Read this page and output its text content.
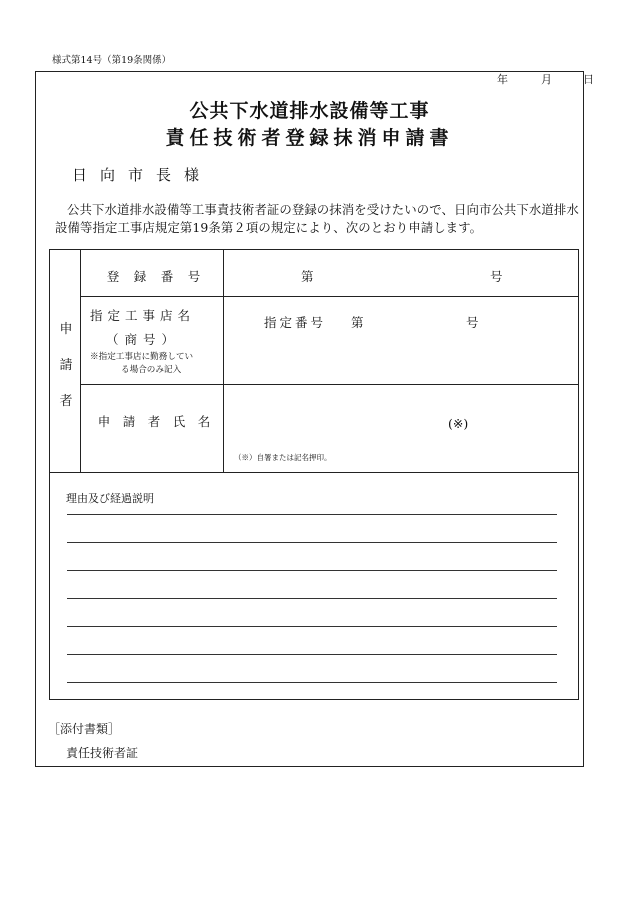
様式第14号（第19条関係）
年	月	日
公共下水道排水設備等工事
責任技術者登録抹消申請書
日向市長様
公共下水道排水設備等工事責技術者証の登録の抹消を受けたいので、日向市公共下水道排水設備等指定工事店規定第19条第２項の規定により、次のとおり申請します。
登　録　番　号	第	号
指定工事店名
（商号）
※指定工事店に勤務してい
る場合のみ記入
指定番号 第	号
申　請　者　氏　名	(※)
（※）自署または記名押印。
理由及び経過説明
申請者
［添付書類］
責任技術者証
